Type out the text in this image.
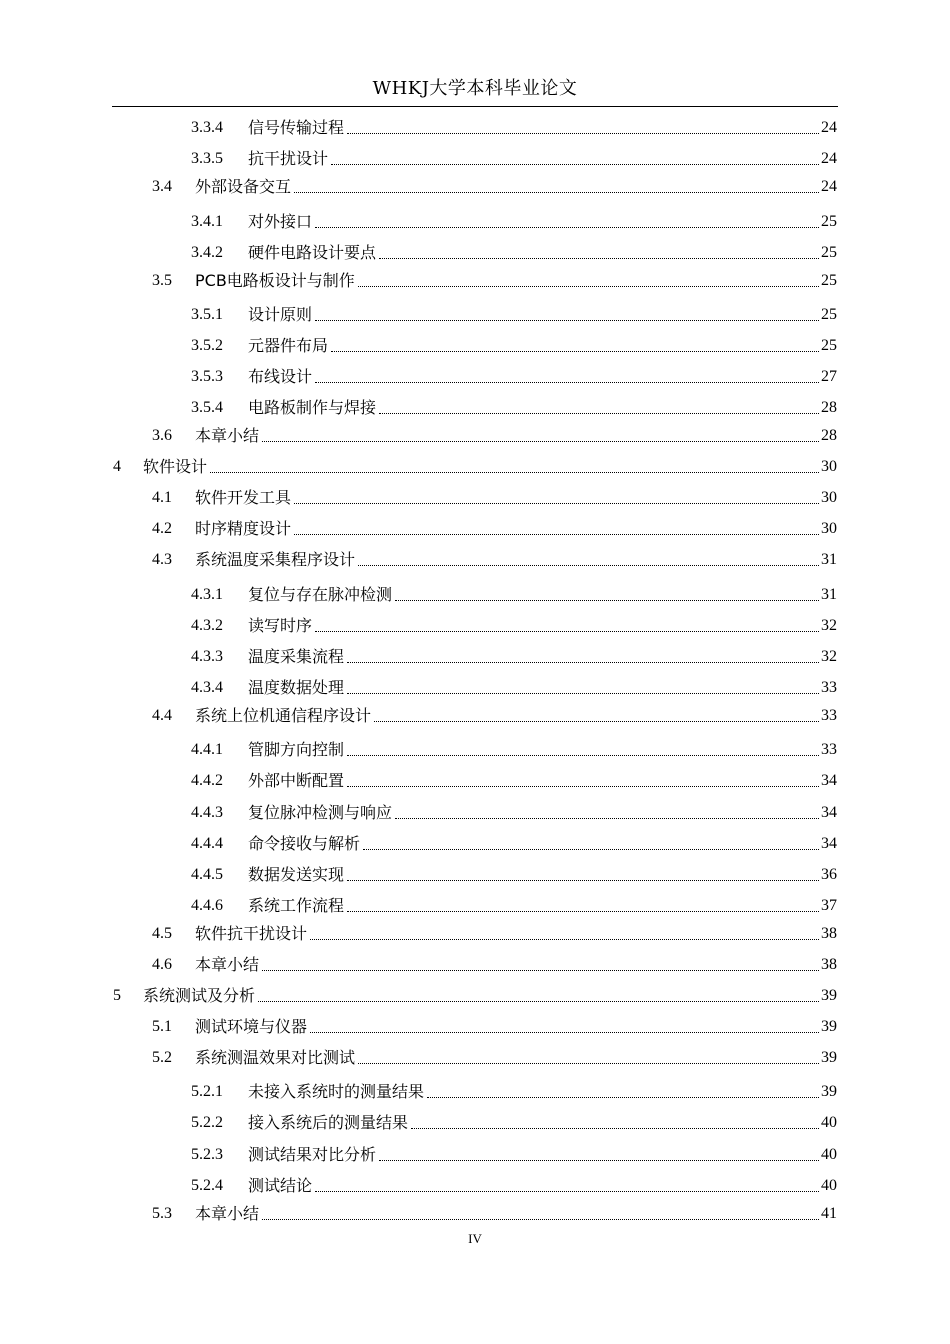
WHKJ大学本科毕业论文
3.3.4	信号传输过程	24
3.3.5	抗干扰设计	24
3.4	外部设备交互	24
3.4.1	对外接口	25
3.4.2	硬件电路设计要点	25
3.5	PCB电路板设计与制作	25
3.5.1	设计原则	25
3.5.2	元器件布局	25
3.5.3	布线设计	27
3.5.4	电路板制作与焊接	28
3.6	本章小结	28
4	软件设计	30
4.1	软件开发工具	30
4.2	时序精度设计	30
4.3	系统温度采集程序设计	31
4.3.1	复位与存在脉冲检测	31
4.3.2	读写时序	32
4.3.3	温度采集流程	32
4.3.4	温度数据处理	33
4.4	系统上位机通信程序设计	33
4.4.1	管脚方向控制	33
4.4.2	外部中断配置	34
4.4.3	复位脉冲检测与响应	34
4.4.4	命令接收与解析	34
4.4.5	数据发送实现	36
4.4.6	系统工作流程	37
4.5	软件抗干扰设计	38
4.6	本章小结	38
5	系统测试及分析	39
5.1	测试环境与仪器	39
5.2	系统测温效果对比测试	39
5.2.1	未接入系统时的测量结果	39
5.2.2	接入系统后的测量结果	40
5.2.3	测试结果对比分析	40
5.2.4	测试结论	40
5.3	本章小结	41
IV
